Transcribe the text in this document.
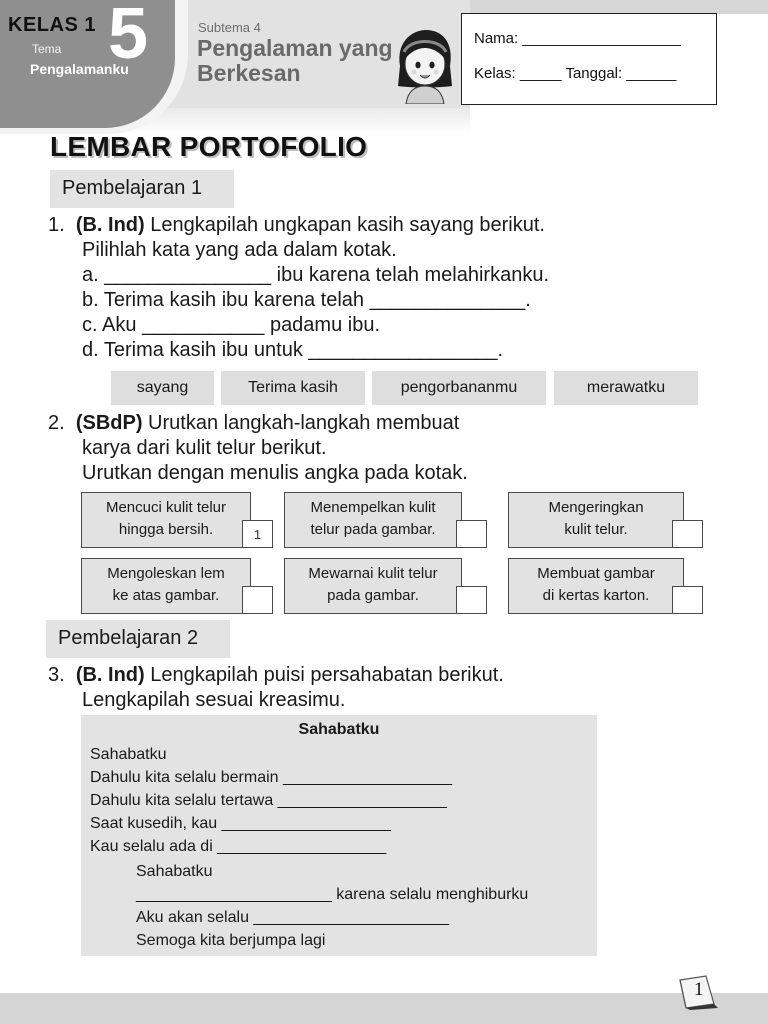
KELAS 1 5
Tema
Pengalamanku
Subtema 4
Pengalaman yang Berkesan
Nama: ___________________
Kelas: _____ Tanggal: ______
LEMBAR PORTOFOLIO
Pembelajaran 1
1. (B. Ind) Lengkapilah ungkapan kasih sayang berikut.
Pilihlah kata yang ada dalam kotak.
a. _______________ ibu karena telah melahirkanku.
b. Terima kasih ibu karena telah ______________.
c. Aku ___________ padamu ibu.
d. Terima kasih ibu untuk _________________.
sayang	Terima kasih	pengorbananmu	merawatku
2. (SBdP) Urutkan langkah-langkah membuat
karya dari kulit telur berikut.
Urutkan dengan menulis angka pada kotak.
Mencuci kulit telur
hingga bersih.	1
Menempelkan kulit
telur pada gambar.
Mengeringkan
kulit telur.
Mengoleskan lem
ke atas gambar.
Mewarnai kulit telur
pada gambar.
Membuat gambar
di kertas karton.
Pembelajaran 2
3. (B. Ind) Lengkapilah puisi persahabatan berikut.
Lengkapilah sesuai kreasimu.
Sahabatku
Sahabatku
Dahulu kita selalu bermain ___________________
Dahulu kita selalu tertawa ___________________
Saat kusedih, kau ___________________
Kau selalu ada di ___________________
Sahabatku
______________________ karena selalu menghiburku
Aku akan selalu ______________________
Semoga kita berjumpa lagi
1
